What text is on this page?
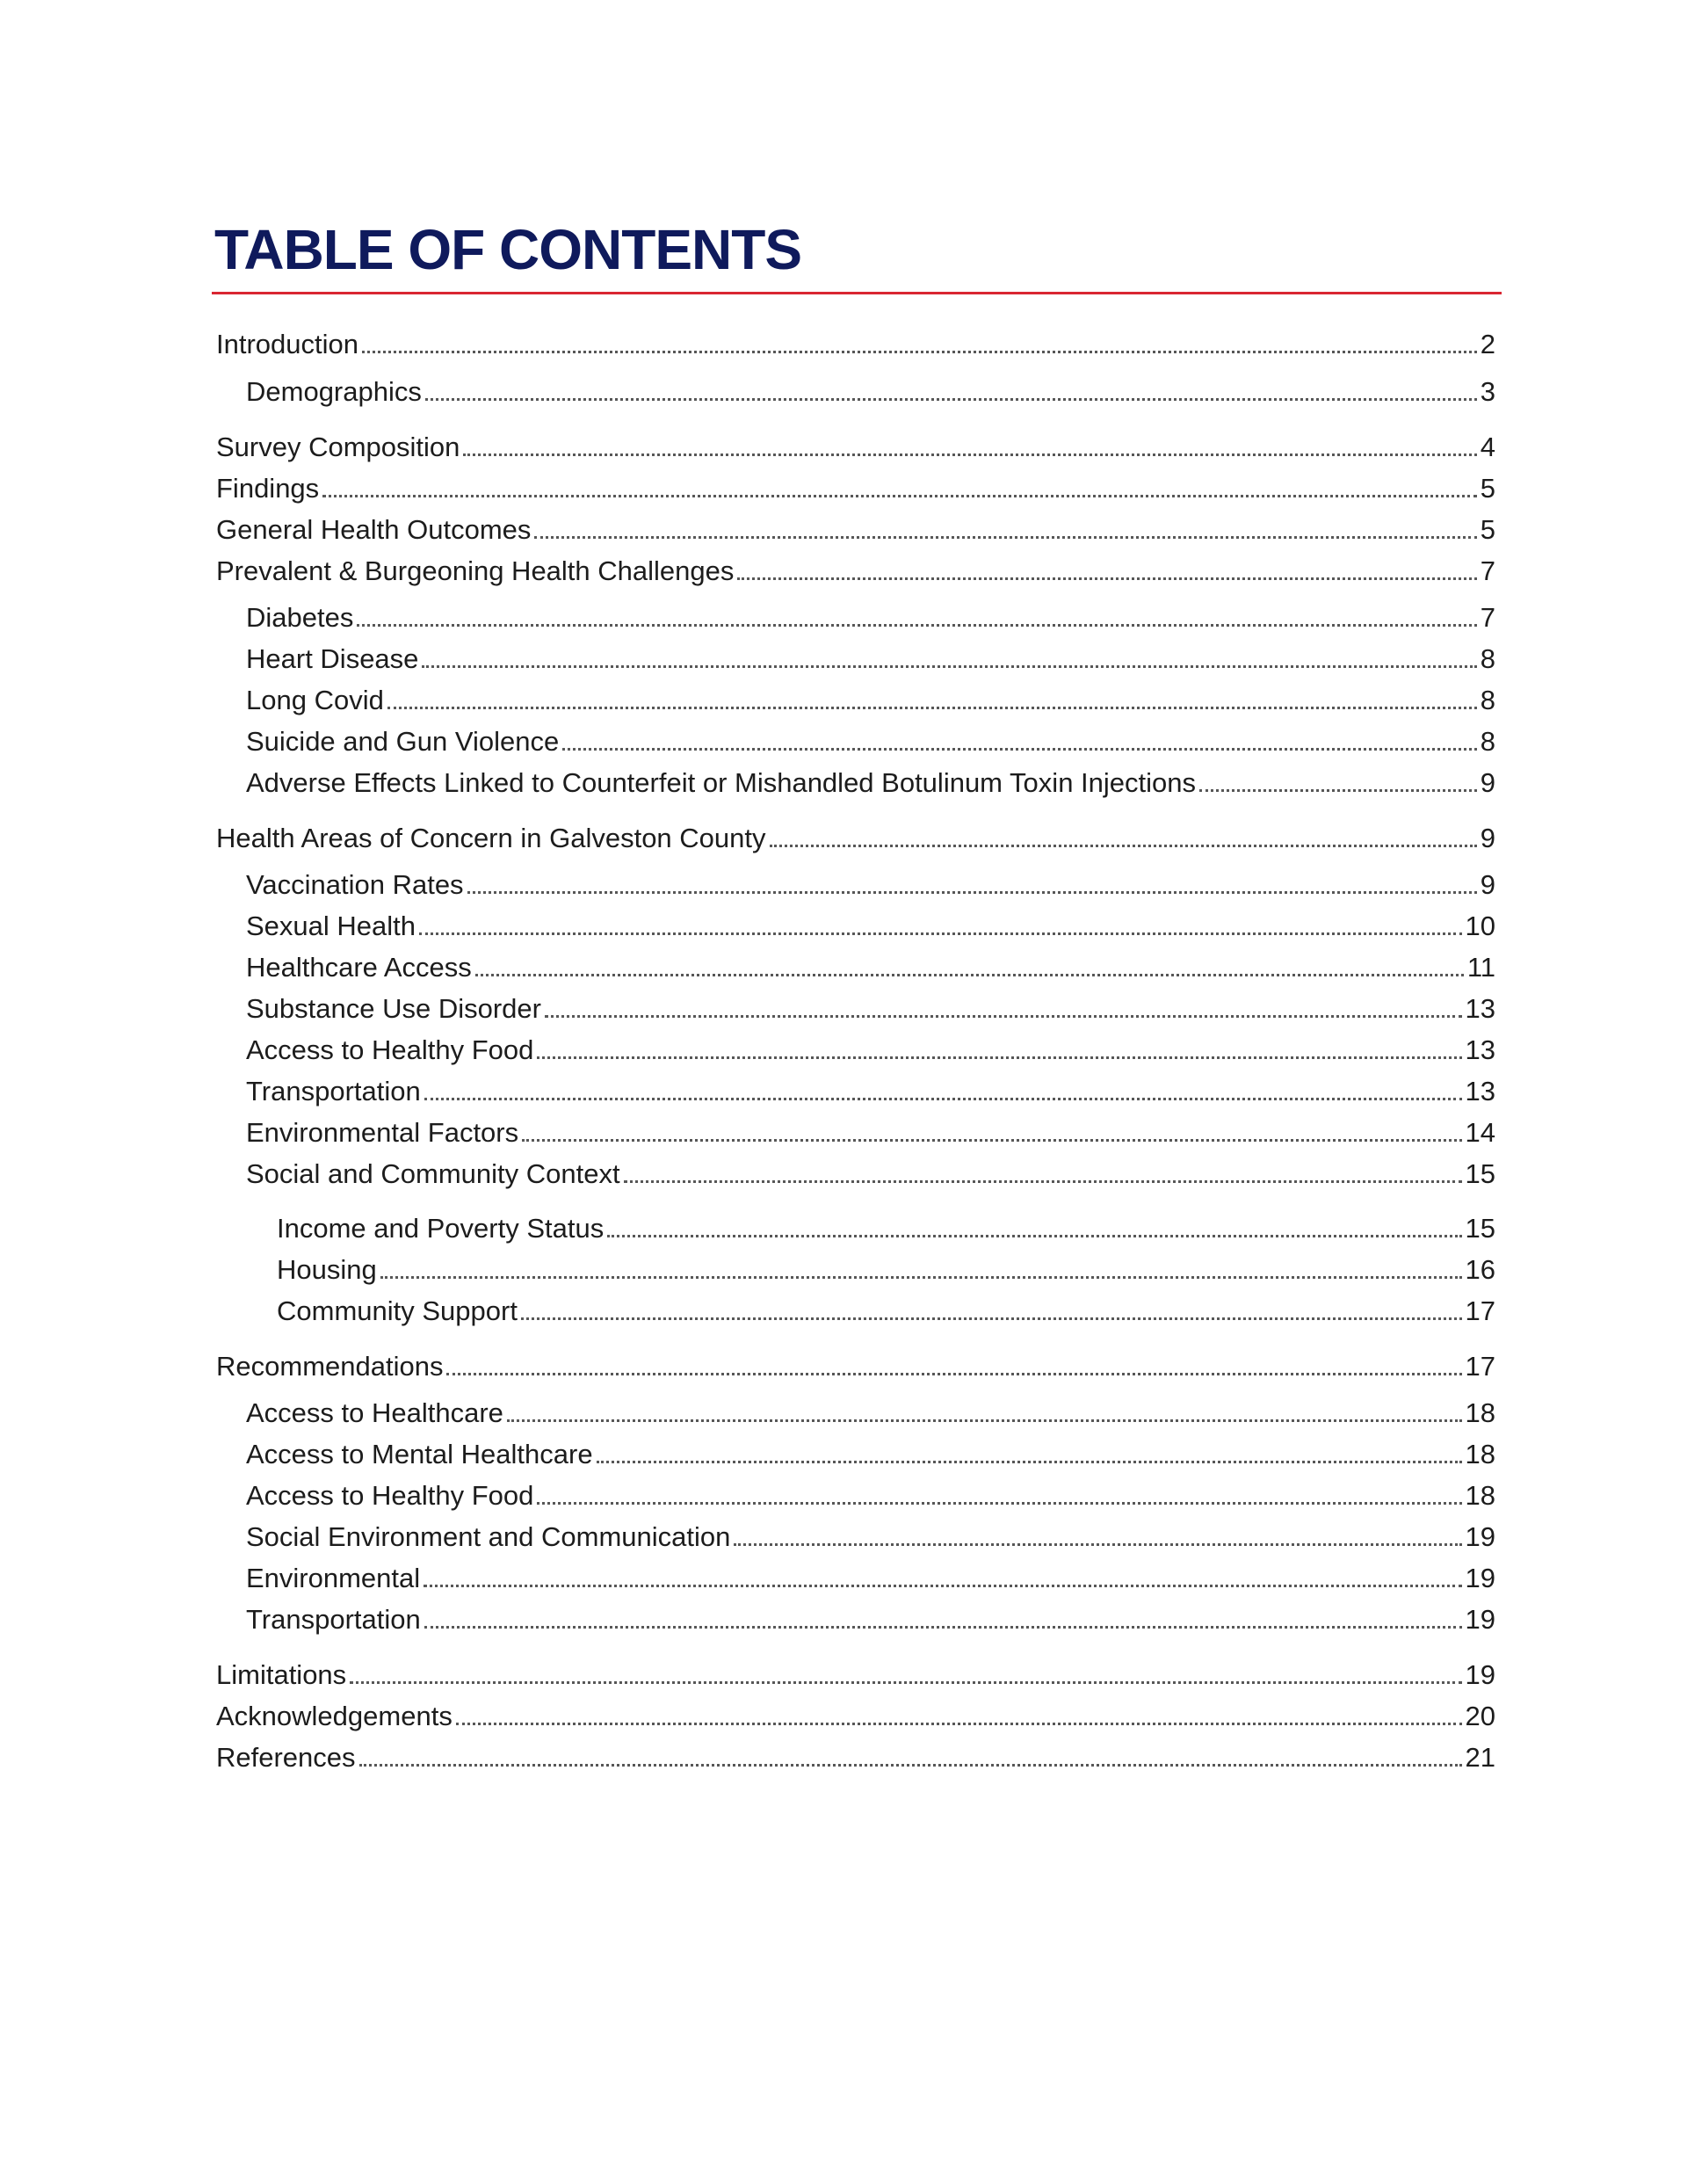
TABLE OF CONTENTS
Introduction	2
Demographics	3
Survey Composition	4
Findings	5
General Health Outcomes	5
Prevalent & Burgeoning Health Challenges	7
Diabetes	7
Heart Disease	8
Long Covid	8
Suicide and Gun Violence	8
Adverse Effects Linked to Counterfeit or Mishandled Botulinum Toxin Injections	9
Health Areas of Concern in Galveston County	9
Vaccination Rates	9
Sexual Health	10
Healthcare Access	11
Substance Use Disorder	13
Access to Healthy Food	13
Transportation	13
Environmental Factors	14
Social and Community Context	15
Income and Poverty Status	15
Housing	16
Community Support	17
Recommendations	17
Access to Healthcare	18
Access to Mental Healthcare	18
Access to Healthy Food	18
Social Environment and Communication	19
Environmental	19
Transportation	19
Limitations	19
Acknowledgements	20
References	21
